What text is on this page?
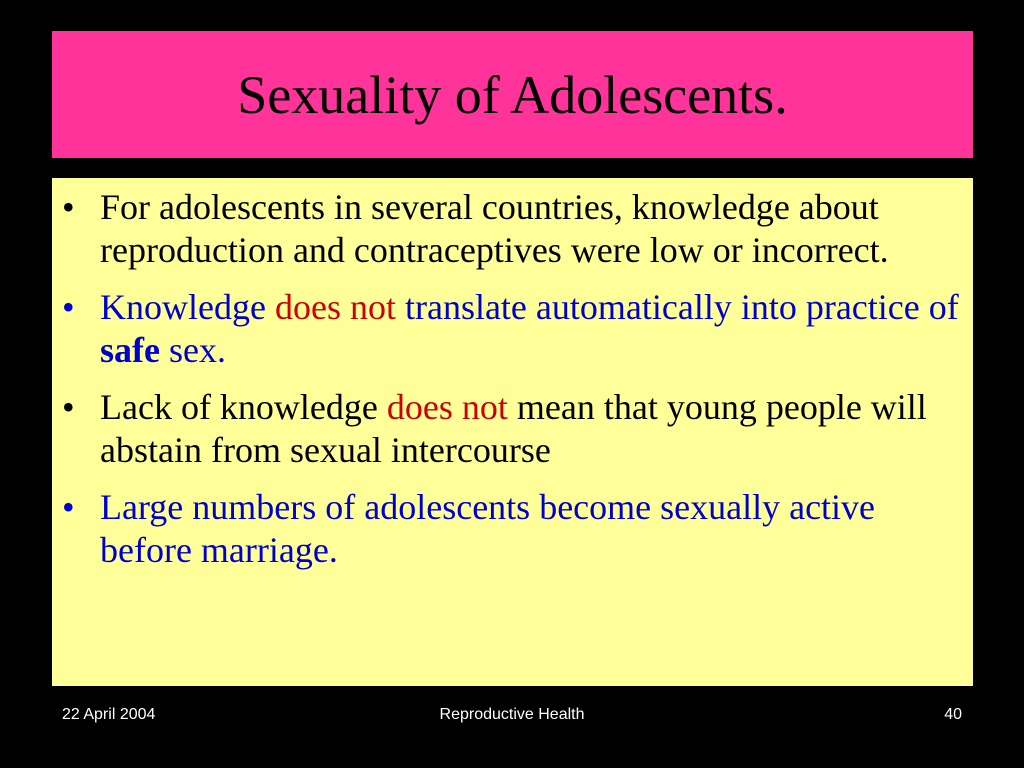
Sexuality of Adolescents.
• For adolescents in several countries, knowledge about reproduction and contraceptives were low or incorrect.
• Knowledge does not translate automatically into practice of safe sex.
• Lack of knowledge does not mean that young people will abstain from sexual intercourse
• Large numbers of adolescents become sexually active before marriage.
22 April 2004	Reproductive Health	40
